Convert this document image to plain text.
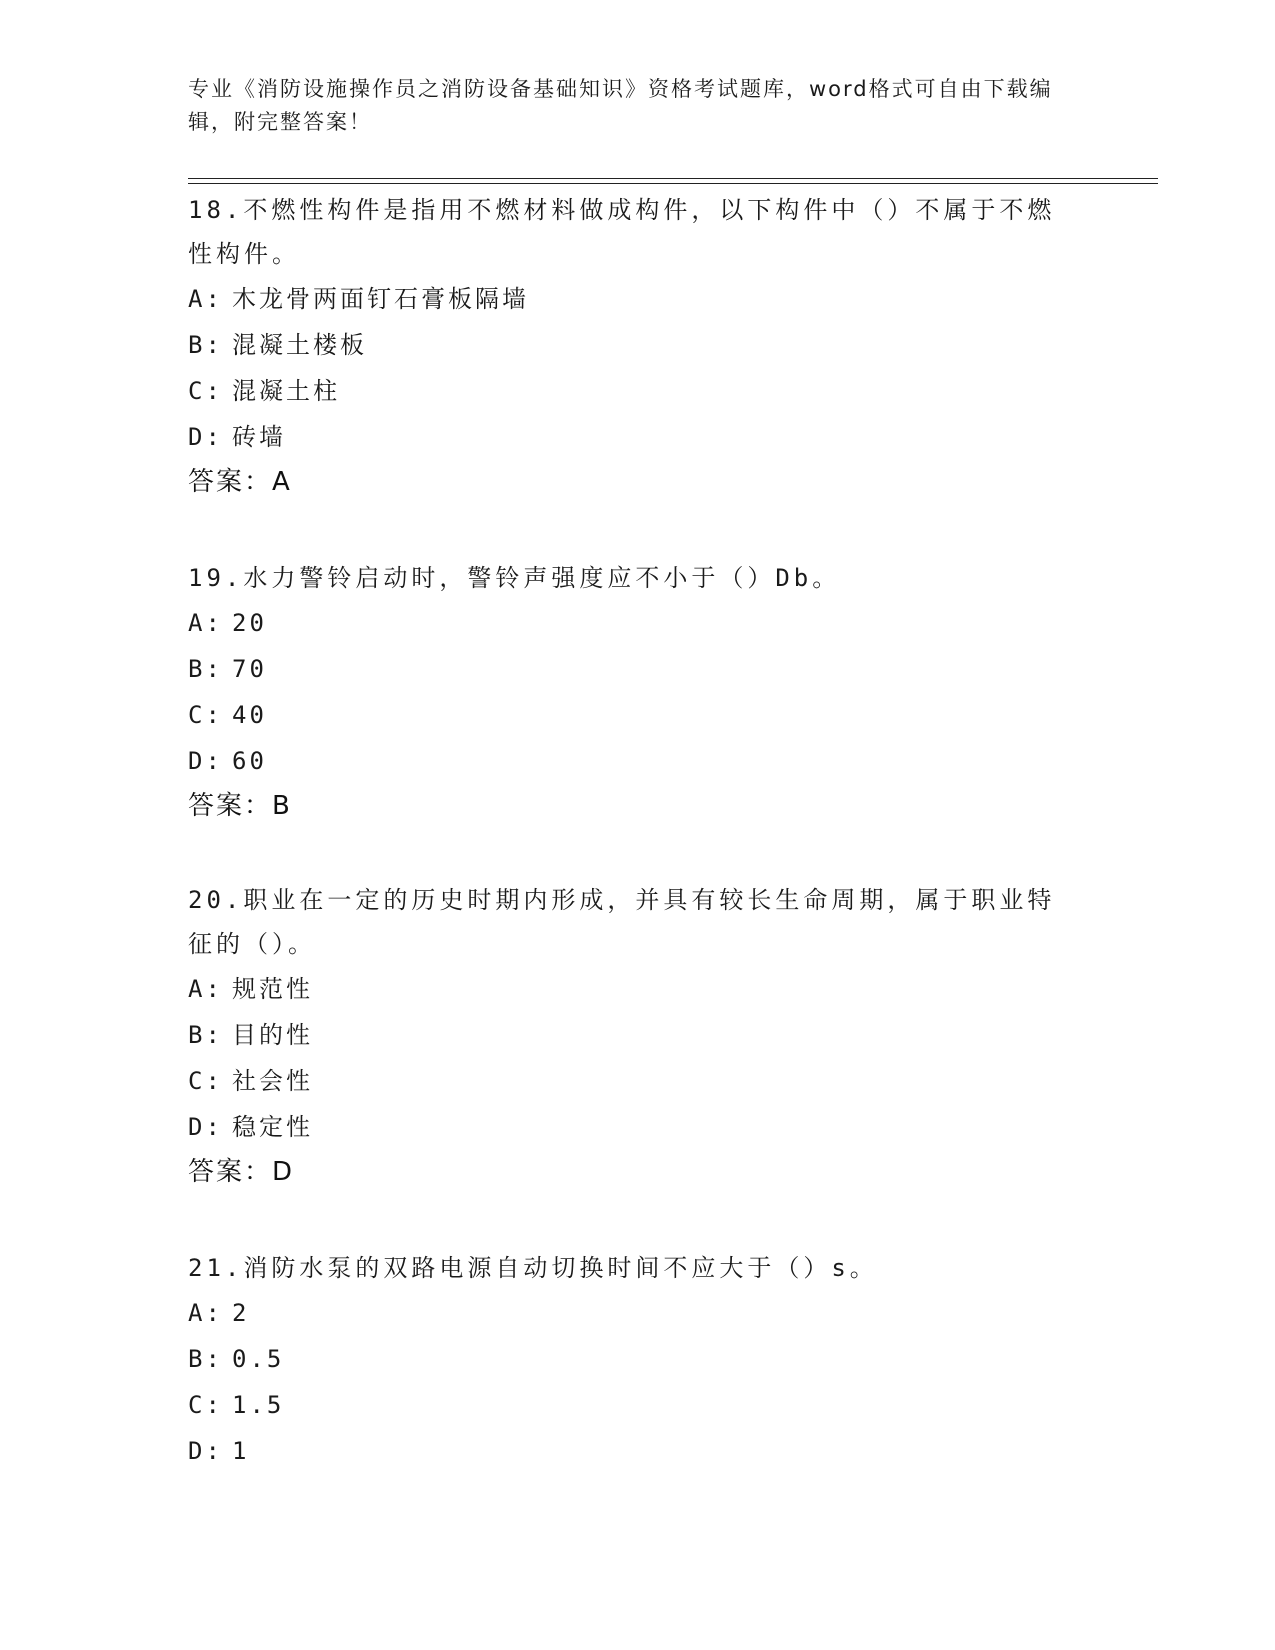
专业《消防设施操作员之消防设备基础知识》资格考试题库，word格式可自由下载编辑，附完整答案！

18.不燃性构件是指用不燃材料做成构件，以下构件中（）不属于不燃性构件。

A: 木龙骨两面钉石膏板隔墙
B: 混凝土楼板
C: 混凝土柱
D: 砖墙

答案：A

19.水力警铃启动时，警铃声强度应不小于（）Db。

A: 20
B: 70
C: 40
D: 60

答案：B

20.职业在一定的历史时期内形成，并具有较长生命周期，属于职业特征的（）。

A: 规范性
B: 目的性
C: 社会性
D: 稳定性

答案：D

21.消防水泵的双路电源自动切换时间不应大于（）s。

A: 2
B: 0.5
C: 1.5
D: 1
